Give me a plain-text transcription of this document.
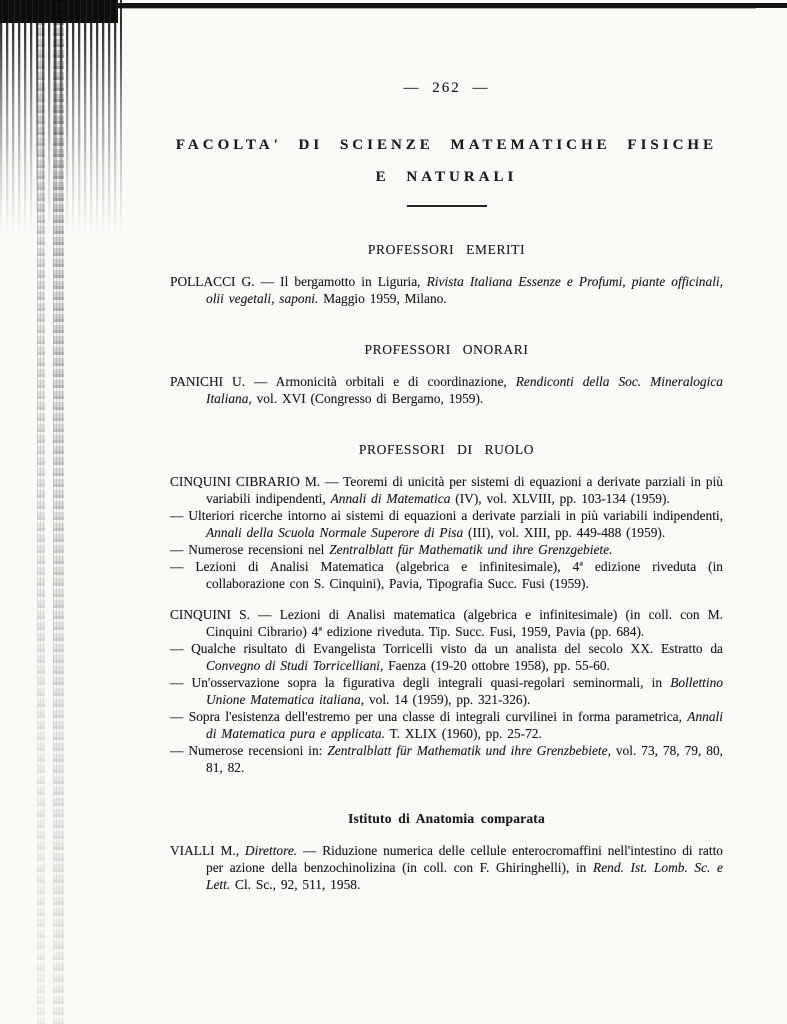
— 262 —
FACOLTA' DI SCIENZE MATEMATICHE FISICHE
E NATURALI
PROFESSORI EMERITI

POLLACCI G. — Il bergamotto in Liguria, Rivista Italiana Essenze e Profumi, piante officinali, olii vegetali, saponi. Maggio 1959, Milano.

PROFESSORI ONORARI

PANICHI U. — Armonicità orbitali e di coordinazione, Rendiconti della Soc. Mineralogica Italiana, vol. XVI (Congresso di Bergamo, 1959).

PROFESSORI DI RUOLO

CINQUINI CIBRARIO M. — Teoremi di unicità per sistemi di equazioni a derivate parziali in più variabili indipendenti, Annali di Matematica (IV), vol. XLVIII, pp. 103-134 (1959).

— Ulteriori ricerche intorno ai sistemi di equazioni a derivate parziali in più variabili indipendenti, Annali della Scuola Normale Superore di Pisa (III), vol. XIII, pp. 449-488 (1959).

— Numerose recensioni nel Zentralblatt für Mathematik und ihre Grenzgebiete.

— Lezioni di Analisi Matematica (algebrica e infinitesimale), 4ª edizione riveduta (in collaborazione con S. Cinquini), Pavia, Tipografia Succ. Fusi (1959).

CINQUINI S. — Lezioni di Analisi matematica (algebrica e infinitesimale) (in coll. con M. Cinquini Cibrario) 4ª edizione riveduta. Tip. Succ. Fusi, 1959, Pavia (pp. 684).

— Qualche risultato di Evangelista Torricelli visto da un analista del secolo XX. Estratto da Convegno di Studi Torricelliani, Faenza (19-20 ottobre 1958), pp. 55-60.

— Un'osservazione sopra la figurativa degli integrali quasi-regolari seminormali, in Bollettino Unione Matematica italiana, vol. 14 (1959), pp. 321-326).

— Sopra l'esistenza dell'estremo per una classe di integrali curvilinei in forma parametrica, Annali di Matematica pura e applicata. T. XLIX (1960), pp. 25-72.

— Numerose recensioni in: Zentralblatt für Mathematik und ihre Grenzbebiete, vol. 73, 78, 79, 80, 81, 82.

Istituto di Anatomia comparata

VIALLI M., Direttore. — Riduzione numerica delle cellule enterocromaffini nell'intestino di ratto per azione della benzochinolizina (in coll. con F. Ghiringhelli), in Rend. Ist. Lomb. Sc. e Lett. Cl. Sc., 92, 511, 1958.
